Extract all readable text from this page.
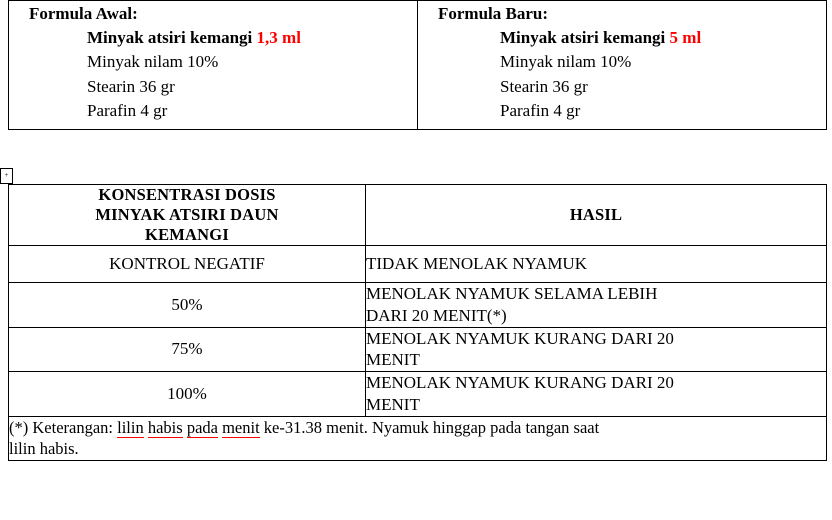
Formula Awal:
Minyak atsiri kemangi 1,3 ml
Minyak nilam 10%
Stearin 36 gr
Parafin 4 gr

Formula Baru:
Minyak atsiri kemangi 5 ml
Minyak nilam 10%
Stearin 36 gr
Parafin 4 gr
+
KONSENTRASI DOSIS
MINYAK ATSIRI DAUN
KEMANGI	HASIL
KONTROL NEGATIF	TIDAK MENOLAK NYAMUK

50%	MENOLAK NYAMUK SELAMA LEBIH
DARI 20 MENIT(*)

75%	MENOLAK NYAMUK KURANG DARI 20
MENIT

100%	MENOLAK NYAMUK KURANG DARI 20
MENIT

(*) Keterangan: lilin habis pada menit ke-31.38 menit. Nyamuk hinggap pada tangan saat
lilin habis.	
